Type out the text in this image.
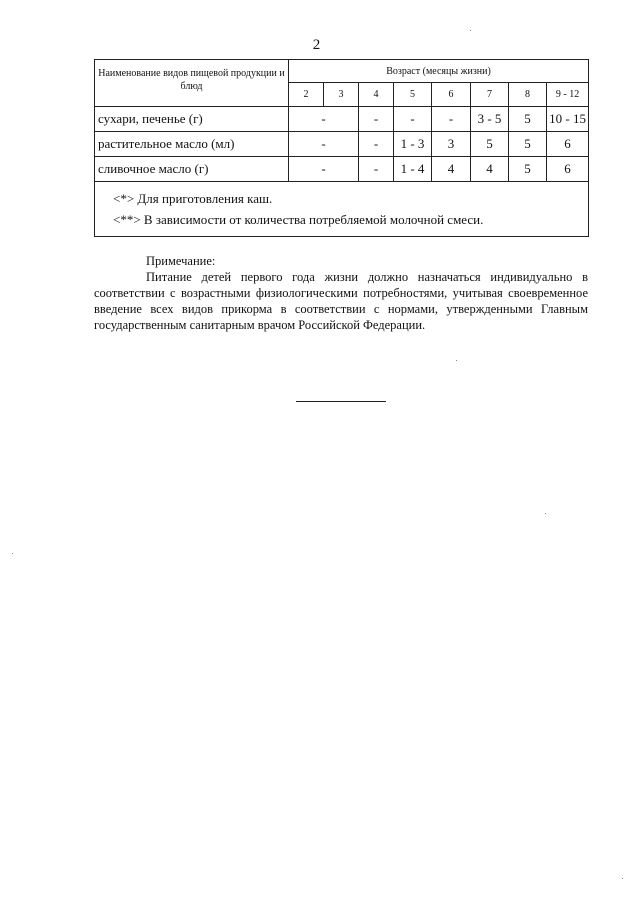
2
Наименование видов пищевой продукции и блюд	Возраст (месяцы жизни)							
	2	3	4	5	6	7	8	9 - 12
сухари, печенье (г)	-		-	-	-	3 - 5	5	10 - 15
растительное масло (мл)	-		-	1 - 3	3	5	5	6
сливочное масло (г)	-		-	1 - 4	4	4	5	6

<*> Для приготовления каш.
<**> В зависимости от количества потребляемой молочной смеси.								
Примечание:
Питание детей первого года жизни должно назначаться индивидуально в соответствии с возрастными физиологическими потребностями, учитывая своевременное введение всех видов прикорма в соответствии с нормами, утвержденными Главным государственным санитарным врачом Российской Федерации.
